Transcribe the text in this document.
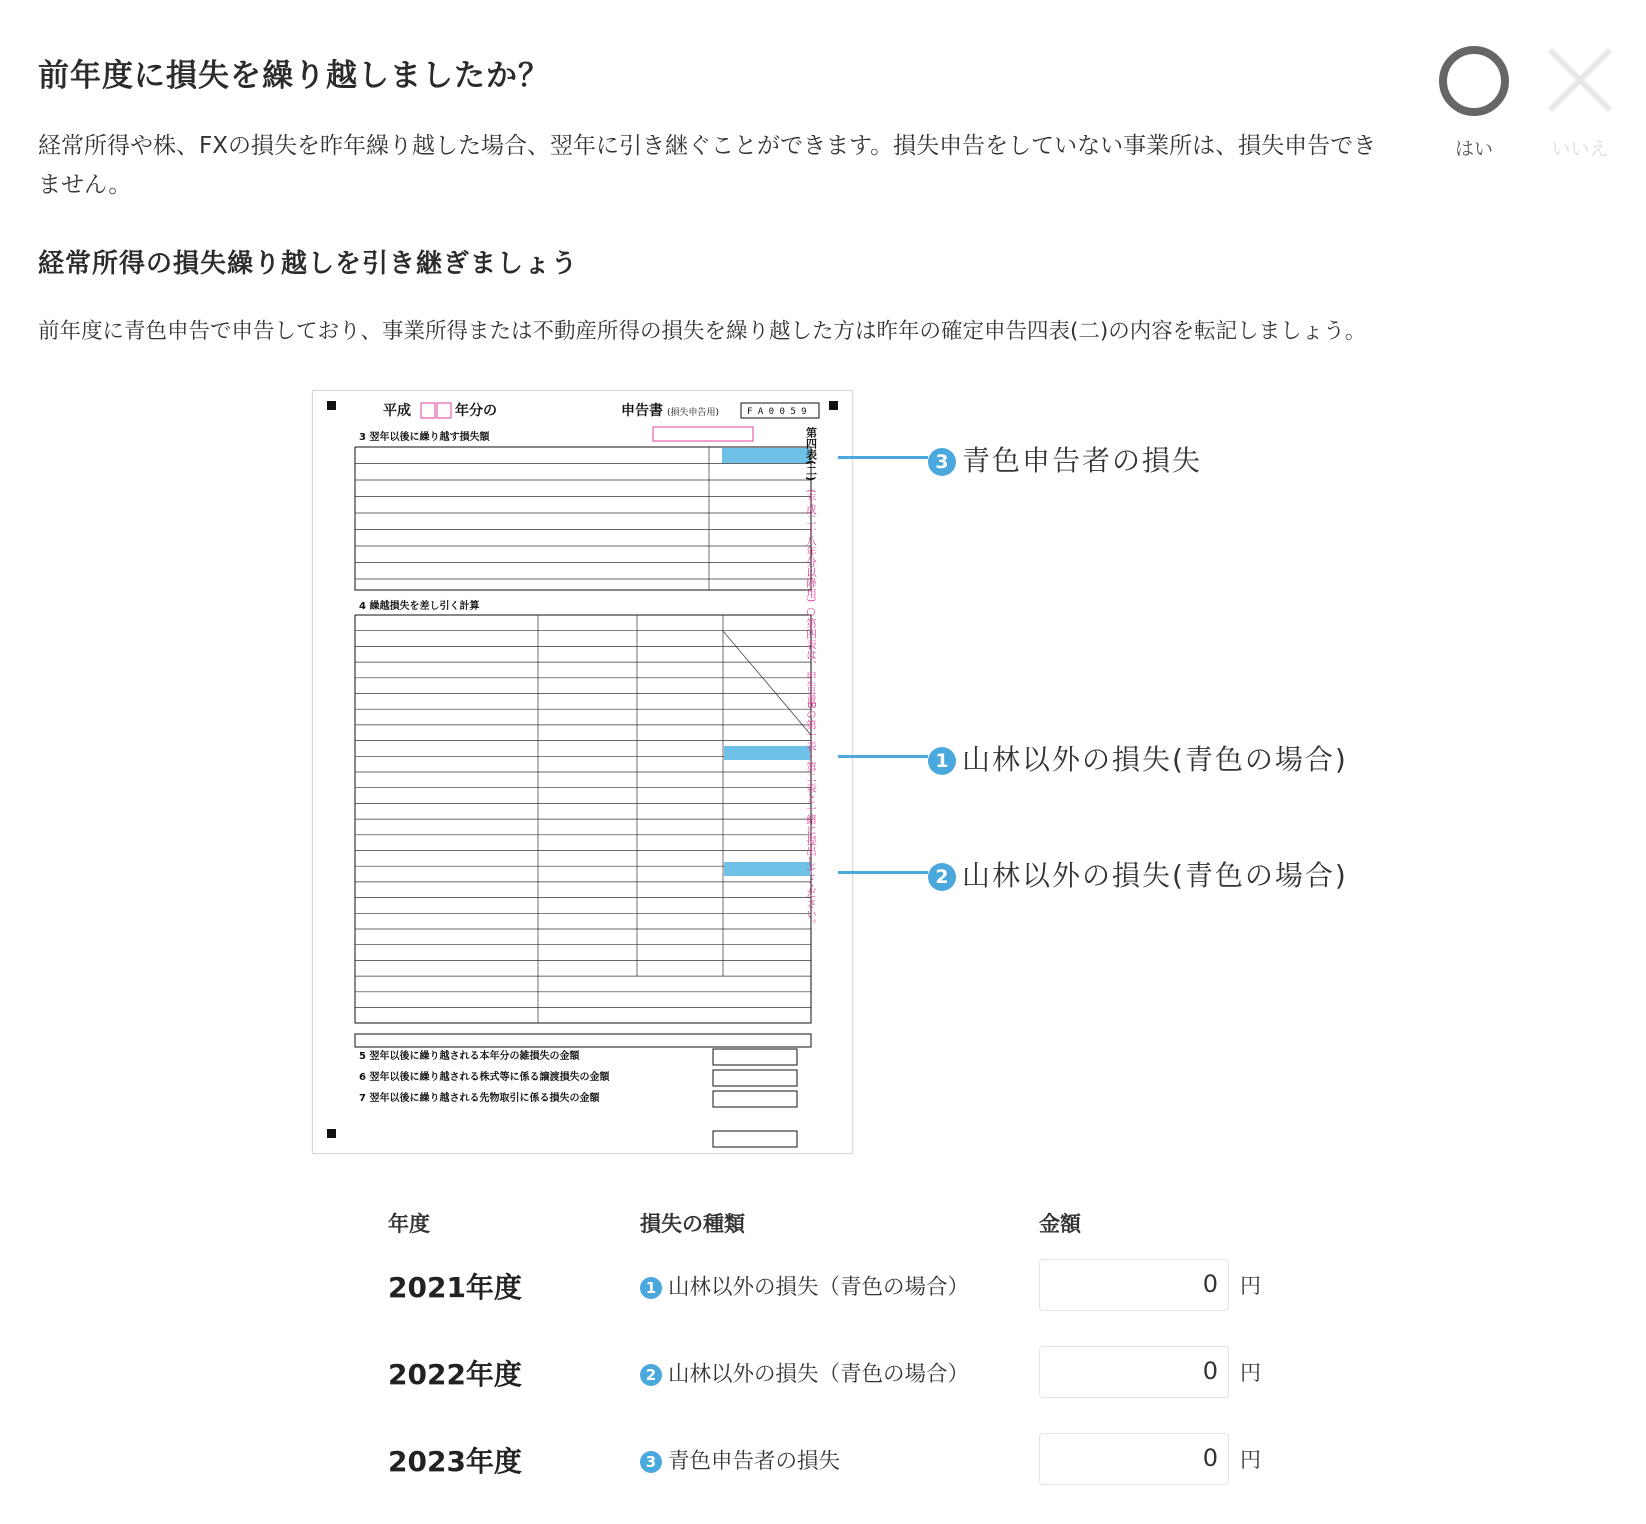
前年度に損失を繰り越しましたか？
はい	いいえ
経常所得や株、FXの損失を昨年繰り越した場合、翌年に引き継ぐことができます。損失申告をしていない事業所は、損失申告できません。
経常所得の損失繰り越しを引き継ぎましょう
前年度に青色申告で申告しており、事業所得または不動産所得の損失を繰り越した方は昨年の確定申告四表(二)の内容を転記しましょう。
平成	年分の	申告書 (損失申告用)	F A 0 0 5 9
3 翌年以後に繰り越す損失額
4 繰越損失を差し引く計算
5 翌年以後に繰り越される本年分の雑損失の金額
6 翌年以後に繰り越される株式等に係る譲渡損失の金額
7 翌年以後に繰り越される先物取引に係る損失の金額
第四表(二)
(平成二十八年分以降用) ○第四表は、申告書Bの第一表・第二表と一緒に提出してください。
3 青色申告者の損失
1 山林以外の損失(青色の場合)
2 山林以外の損失(青色の場合)
年度	損失の種類	金額
2021年度	1 山林以外の損失（青色の場合）	0	円
2022年度	2 山林以外の損失（青色の場合）	0	円
2023年度	3 青色申告者の損失	0	円
